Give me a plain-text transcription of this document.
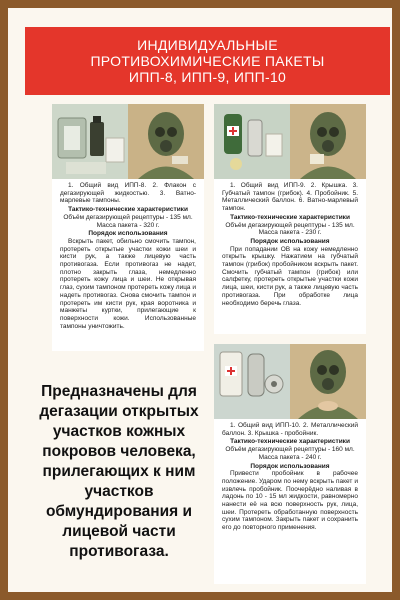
ИНДИВИДУАЛЬНЫЕ
ПРОТИВОХИМИЧЕСКИЕ ПАКЕТЫ
ИПП-8, ИПП-9, ИПП-10

1. Общий вид ИПП-8. 2. Флакон с дегазирующей жидкостью. 3. Ватно-марлевые тампоны.

Тактико-технические характеристики

Объём дегазирующей рецептуры - 135 мл.

Масса пакета - 320 г.

Порядок использования

Вскрыть пакет, обильно смочить тампон, протереть открытые участки кожи шеи и кисти рук, а также лицевую часть противогаза. Если противогаз не надет, плотно закрыть глаза, немедленно протереть кожу лица и шеи. Не открывая глаз, сухим тампоном протереть кожу лица и надеть противогаз. Снова смочить тампон и протереть им кисти рук, края воротника и манжеты куртки, прилегающие к поверхности кожи. Использованные тампоны уничтожить.

1. Общий вид ИПП-9. 2. Крышка. 3. Губчатый тампон (грибок). 4. Пробойник. 5. Металлический баллон. 6. Ватно-марлевый тампон.

Тактико-технические характеристики

Объём дегазирующей рецептуры - 135 мл. Масса пакета - 230 г.

Порядок использования

При попадании ОВ на кожу немедленно открыть крышку. Нажатием на губчатый тампон (грибок) пробойником вскрыть пакет. Смочить губчатый тампон (грибок) или салфетку, протереть открытые участки кожи лица, шеи, кисти рук, а также лицевую часть противогаза. При обработке лица необходимо беречь глаза.

1. Общий вид ИПП-10. 2. Металлический баллон. 3. Крышка - пробойник.

Тактико-технические характеристики

Объём дегазирующей рецептуры - 160 мл.

Масса пакета - 240 г.

Порядок использования

Привести пробойник в рабочее положение. Ударом по нему вскрыть пакет и извлечь пробойник. Поочерёдно наливая в ладонь по 10 - 15 мл жидкости, равномерно нанести её на всю поверхность рук, лица, шеи. Протереть обработанную поверхность сухим тампоном. Закрыть пакет и сохранить его до повторного применения.

Предназначены для дегазации открытых участков кожных покровов человека, прилегающих к ним участков обмундирования и лицевой части противогаза.
